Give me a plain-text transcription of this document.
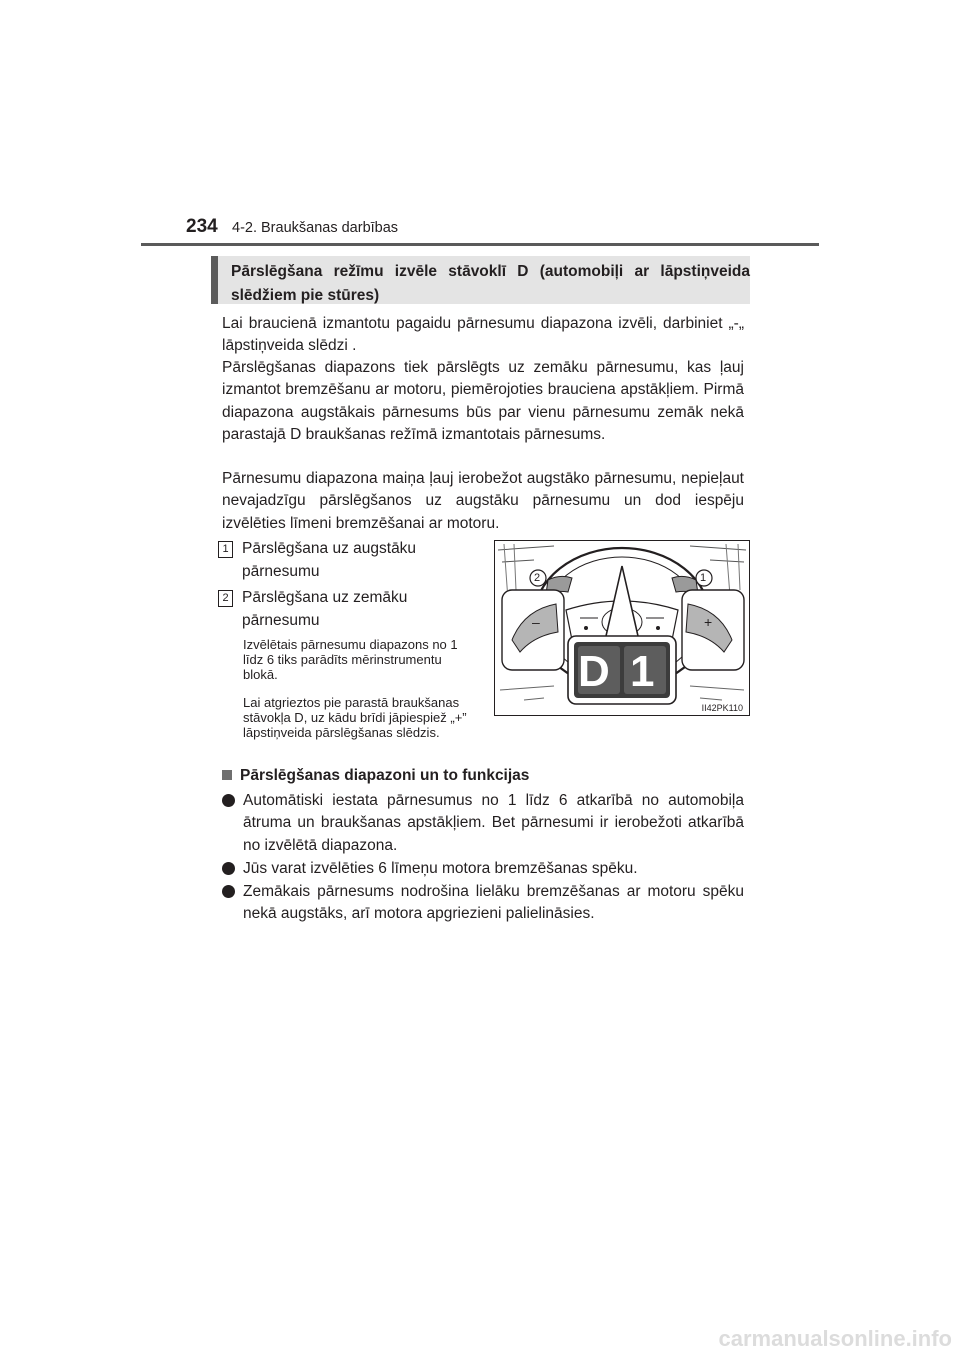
234 4-2. Braukšanas darbības
Pārslēgšana režīmu izvēle stāvoklī D (automobiļi ar lāpstiņveida slēdžiem pie stūres)
Lai braucienā izmantotu pagaidu pārnesumu diapazona izvēli, darbiniet „-„ lāpstiņveida slēdzi .
Pārslēgšanas diapazons tiek pārslēgts uz zemāku pārnesumu, kas ļauj izmantot bremzēšanu ar motoru, piemērojoties brauciena apstākļiem. Pirmā diapazona augstākais pārnesums būs par vienu pārnesumu zemāk nekā parastajā D braukšanas režīmā izmantotais pārnesums.
Pārnesumu diapazona maiņa ļauj ierobežot augstāko pārnesumu, nepieļaut nevajadzīgu pārslēgšanos uz augstāku pārnesumu un dod iespēju izvēlēties līmeni bremzēšanai ar motoru.
1 Pārslēgšana uz augstāku pārnesumu
2 Pārslēgšana uz zemāku pārnesumu
Izvēlētais pārnesumu diapazons no 1 līdz 6 tiks parādīts mērinstrumentu blokā.
Lai atgrieztos pie parastā braukšanas stāvokļa D, uz kādu brīdi jāpiespiež „+” lāpstiņveida pārslēgšanas slēdzis.
2	1
–	+
D 1
II42PK110
Pārslēgšanas diapazoni un to funkcijas
Automātiski iestata pārnesumus no 1 līdz 6 atkarībā no automobiļa ātruma un braukšanas apstākļiem. Bet pārnesumi ir ierobežoti atkarībā no izvēlētā diapazona.
Jūs varat izvēlēties 6 līmeņu motora bremzēšanas spēku.
Zemākais pārnesums nodrošina lielāku bremzēšanas ar motoru spēku nekā augstāks, arī motora apgriezieni palielināsies.
carmanualsonline.info
